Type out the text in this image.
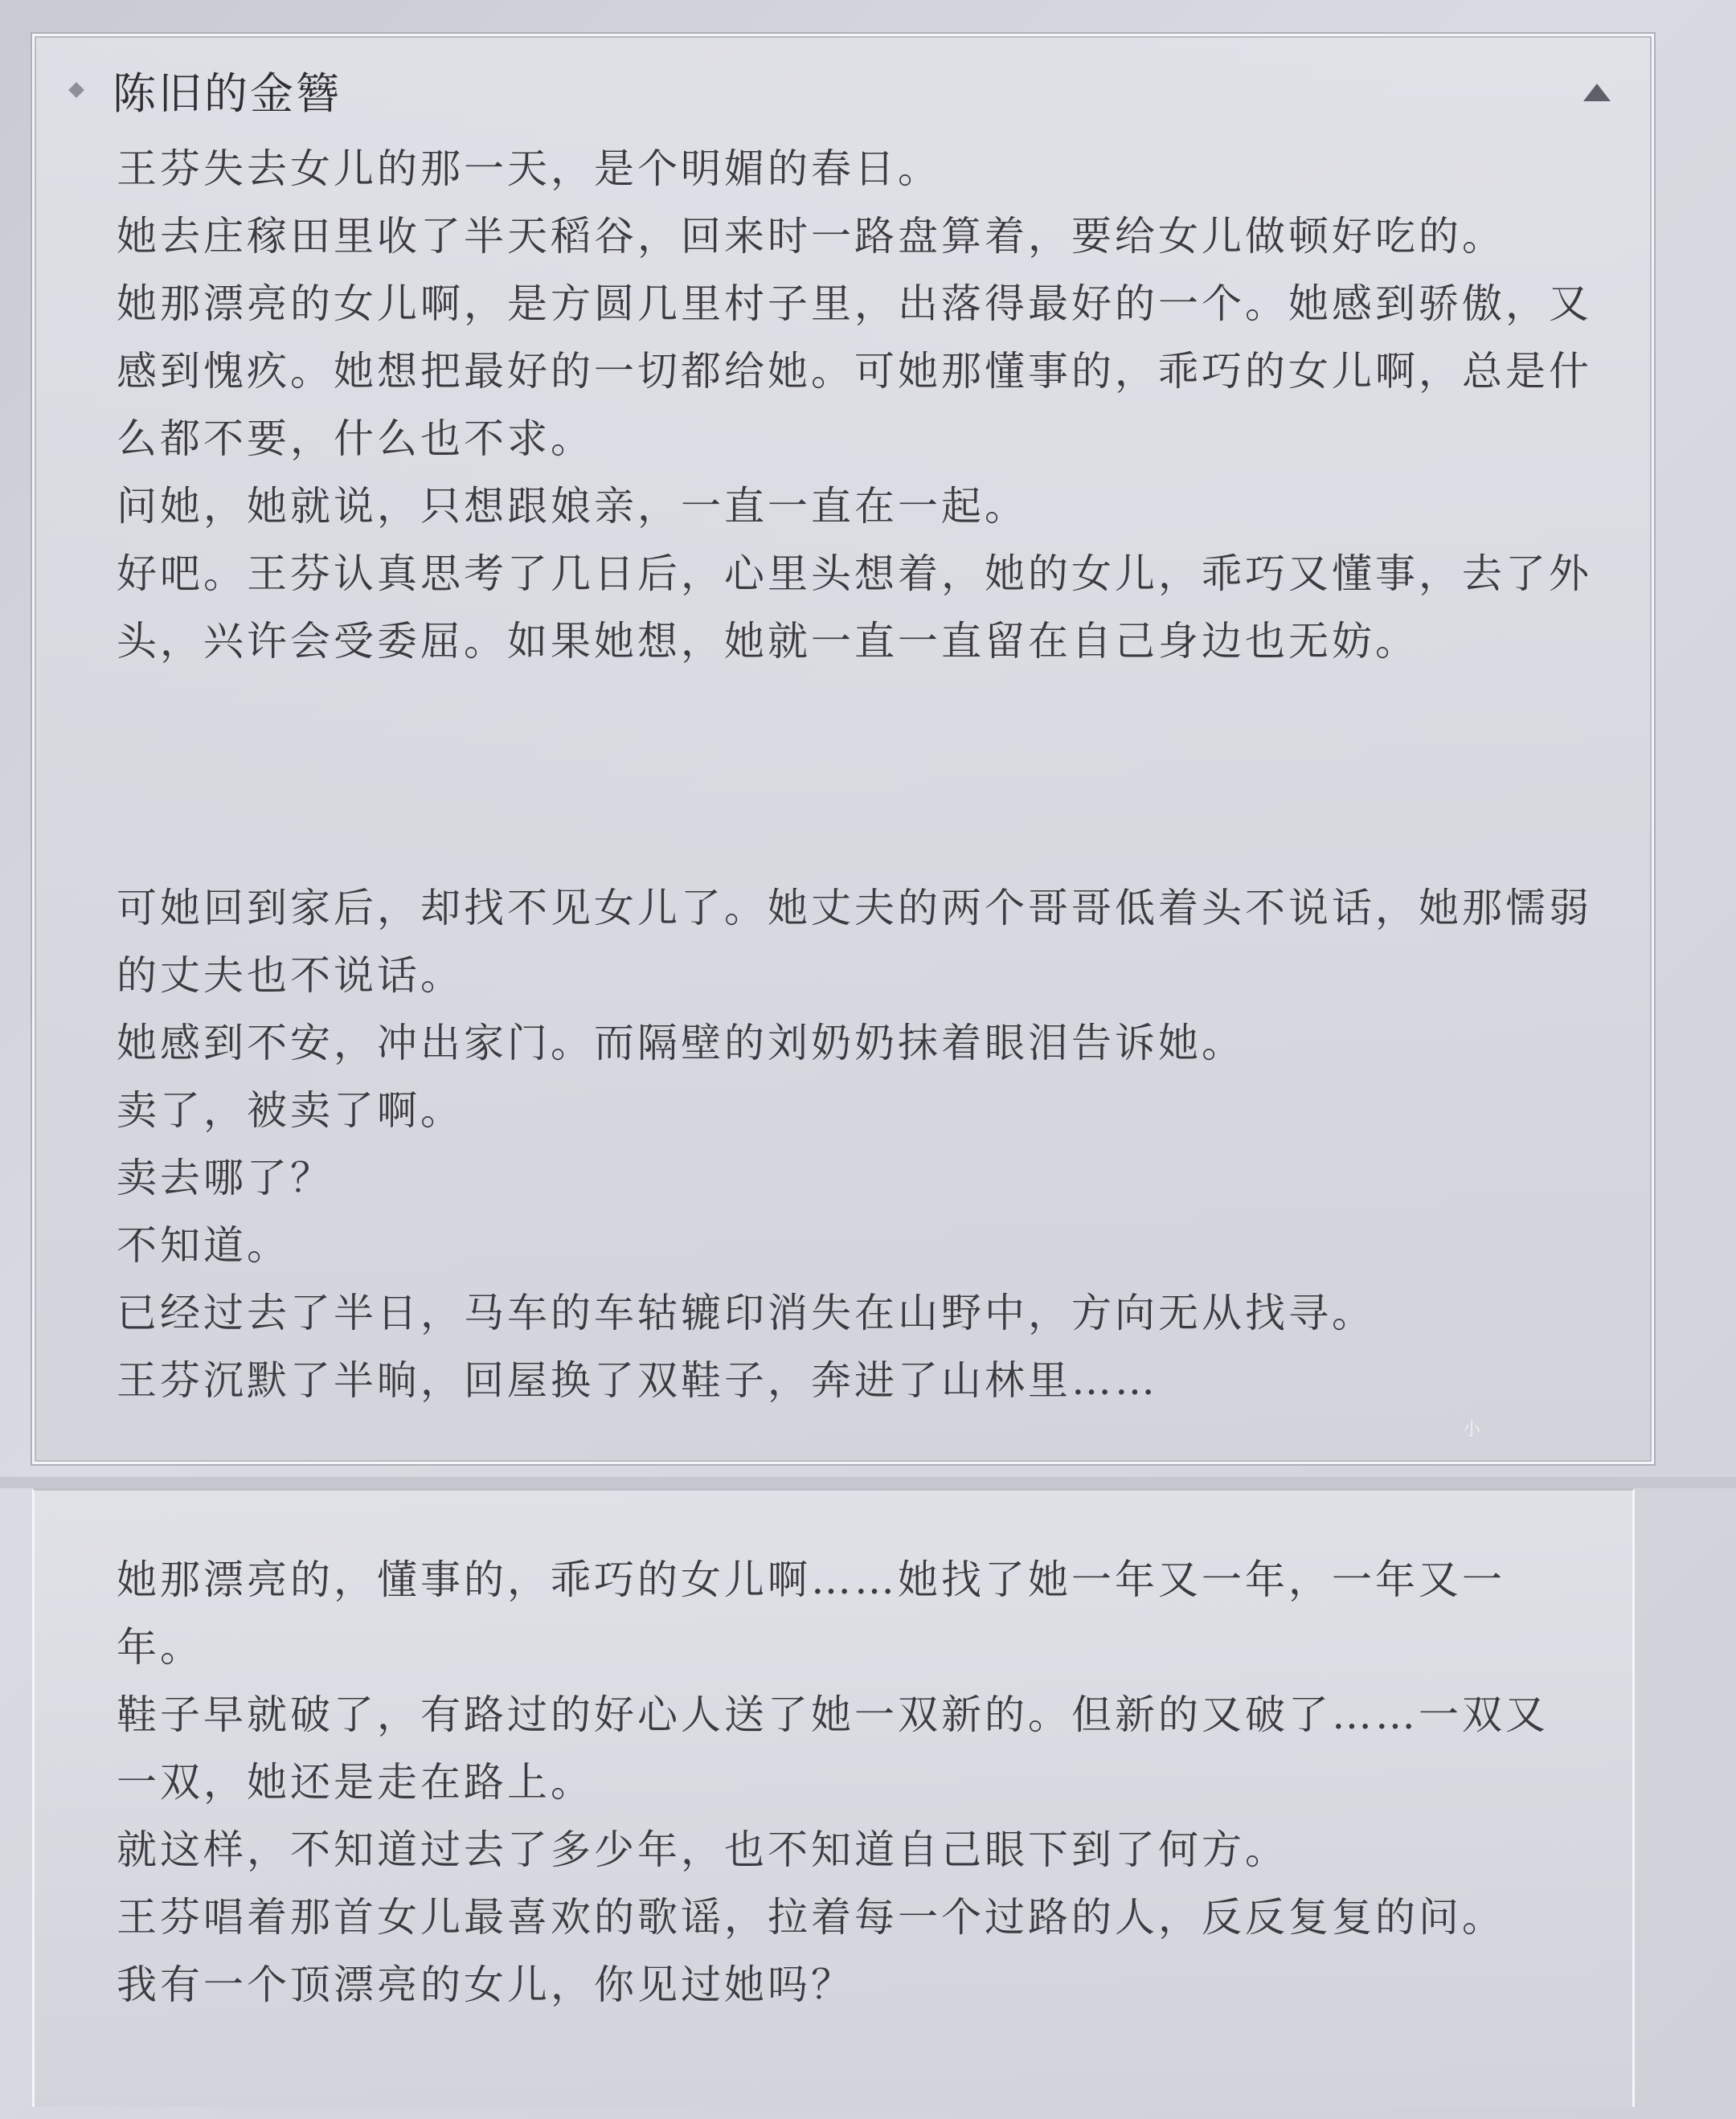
陈旧的金簪

王芬失去女儿的那一天，是个明媚的春日。

她去庄稼田里收了半天稻谷，回来时一路盘算着，要给女儿做顿好吃的。

她那漂亮的女儿啊，是方圆几里村子里，出落得最好的一个。她感到骄傲，又感到愧疚。她想把最好的一切都给她。可她那懂事的，乖巧的女儿啊，总是什么都不要，什么也不求。

问她，她就说，只想跟娘亲，一直一直在一起。

好吧。王芬认真思考了几日后，心里头想着，她的女儿，乖巧又懂事，去了外头，兴许会受委屈。如果她想，她就一直一直留在自己身边也无妨。

可她回到家后，却找不见女儿了。她丈夫的两个哥哥低着头不说话，她那懦弱的丈夫也不说话。

她感到不安，冲出家门。而隔壁的刘奶奶抹着眼泪告诉她。

卖了，被卖了啊。

卖去哪了？

不知道。

已经过去了半日，马车的车轱辘印消失在山野中，方向无从找寻。

王芬沉默了半晌，回屋换了双鞋子，奔进了山林里……

小

她那漂亮的，懂事的，乖巧的女儿啊……她找了她一年又一年，一年又一年。

鞋子早就破了，有路过的好心人送了她一双新的。但新的又破了……一双又一双，她还是走在路上。

就这样，不知道过去了多少年，也不知道自己眼下到了何方。

王芬唱着那首女儿最喜欢的歌谣，拉着每一个过路的人，反反复复的问。

我有一个顶漂亮的女儿，你见过她吗？
